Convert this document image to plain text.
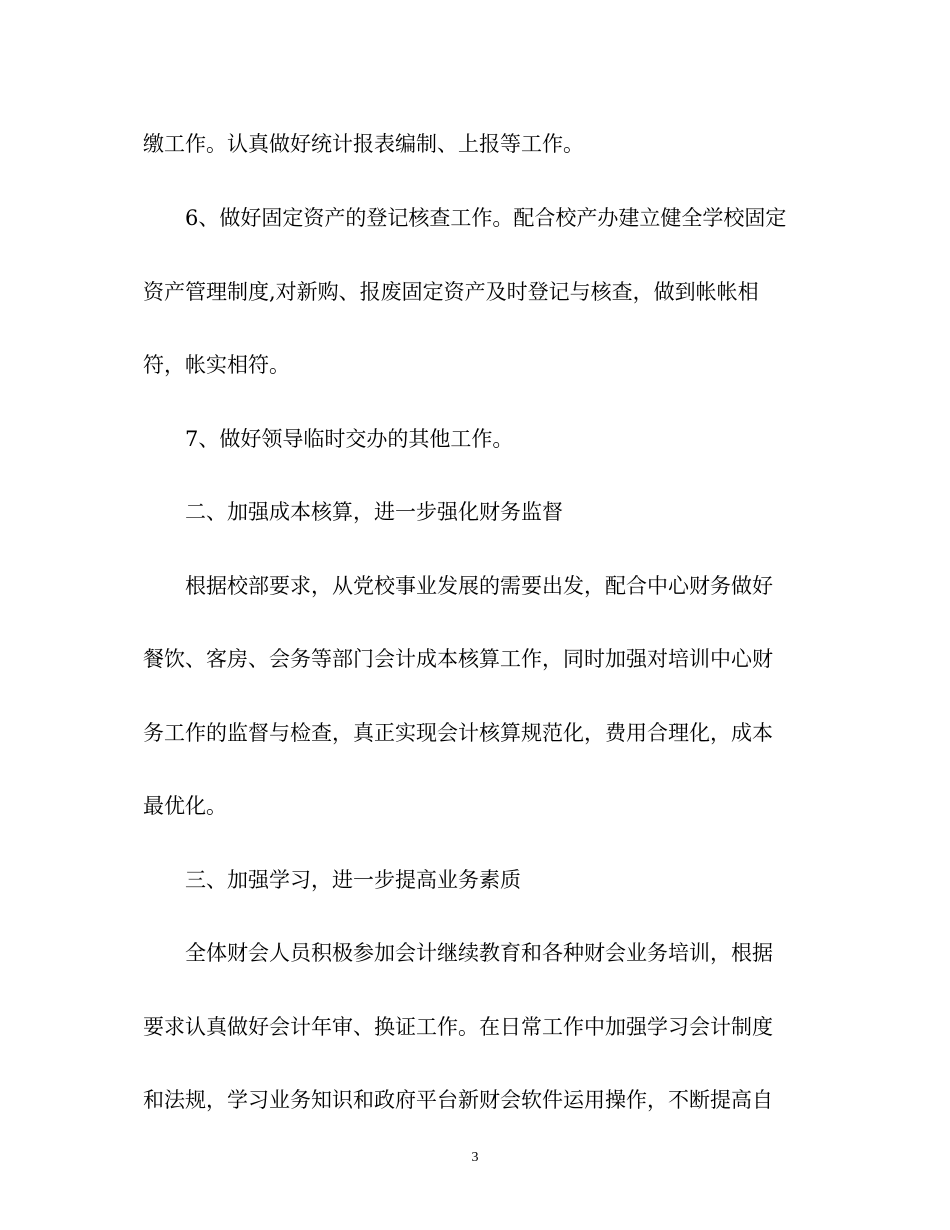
缴工作。认真做好统计报表编制、上报等工作。

6、做好固定资产的登记核查工作。配合校产办建立健全学校固定

资产管理制度,对新购、报废固定资产及时登记与核查，做到帐帐相

符，帐实相符。

7、做好领导临时交办的其他工作。

二、加强成本核算，进一步强化财务监督

根据校部要求，从党校事业发展的需要出发，配合中心财务做好

餐饮、客房、会务等部门会计成本核算工作，同时加强对培训中心财

务工作的监督与检查，真正实现会计核算规范化，费用合理化，成本

最优化。

三、加强学习，进一步提高业务素质

全体财会人员积极参加会计继续教育和各种财会业务培训，根据

要求认真做好会计年审、换证工作。在日常工作中加强学习会计制度

和法规，学习业务知识和政府平台新财会软件运用操作，不断提高自

3
